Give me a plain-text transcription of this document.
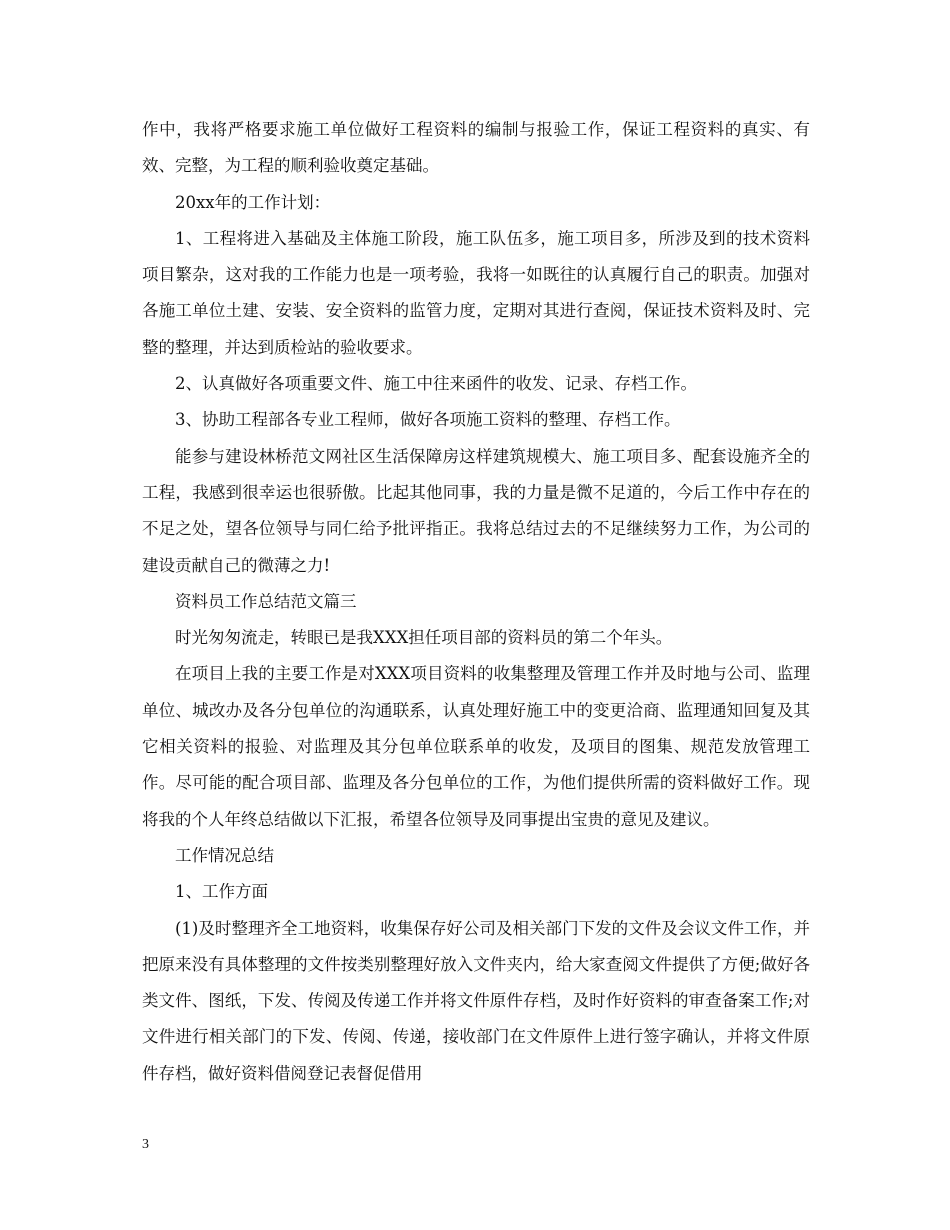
作中，我将严格要求施工单位做好工程资料的编制与报验工作，保证工程资料的真实、有效、完整，为工程的顺利验收奠定基础。

20xx年的工作计划：

1、工程将进入基础及主体施工阶段，施工队伍多，施工项目多，所涉及到的技术资料项目繁杂，这对我的工作能力也是一项考验，我将一如既往的认真履行自己的职责。加强对各施工单位土建、安装、安全资料的监管力度，定期对其进行查阅，保证技术资料及时、完整的整理，并达到质检站的验收要求。

2、认真做好各项重要文件、施工中往来函件的收发、记录、存档工作。

3、协助工程部各专业工程师，做好各项施工资料的整理、存档工作。

能参与建设林桥范文网社区生活保障房这样建筑规模大、施工项目多、配套设施齐全的工程，我感到很幸运也很骄傲。比起其他同事，我的力量是微不足道的，今后工作中存在的不足之处，望各位领导与同仁给予批评指正。我将总结过去的不足继续努力工作，为公司的建设贡献自己的微薄之力!

资料员工作总结范文篇三

时光匆匆流走，转眼已是我XXX担任项目部的资料员的第二个年头。

在项目上我的主要工作是对XXX项目资料的收集整理及管理工作并及时地与公司、监理单位、城改办及各分包单位的沟通联系，认真处理好施工中的变更洽商、监理通知回复及其它相关资料的报验、对监理及其分包单位联系单的收发，及项目的图集、规范发放管理工作。尽可能的配合项目部、监理及各分包单位的工作，为他们提供所需的资料做好工作。现将我的个人年终总结做以下汇报，希望各位领导及同事提出宝贵的意见及建议。

工作情况总结

1、工作方面

(1)及时整理齐全工地资料，收集保存好公司及相关部门下发的文件及会议文件工作，并把原来没有具体整理的文件按类别整理好放入文件夹内，给大家查阅文件提供了方便;做好各类文件、图纸，下发、传阅及传递工作并将文件原件存档，及时作好资料的审查备案工作;对文件进行相关部门的下发、传阅、传递，接收部门在文件原件上进行签字确认，并将文件原件存档，做好资料借阅登记表督促借用

3
